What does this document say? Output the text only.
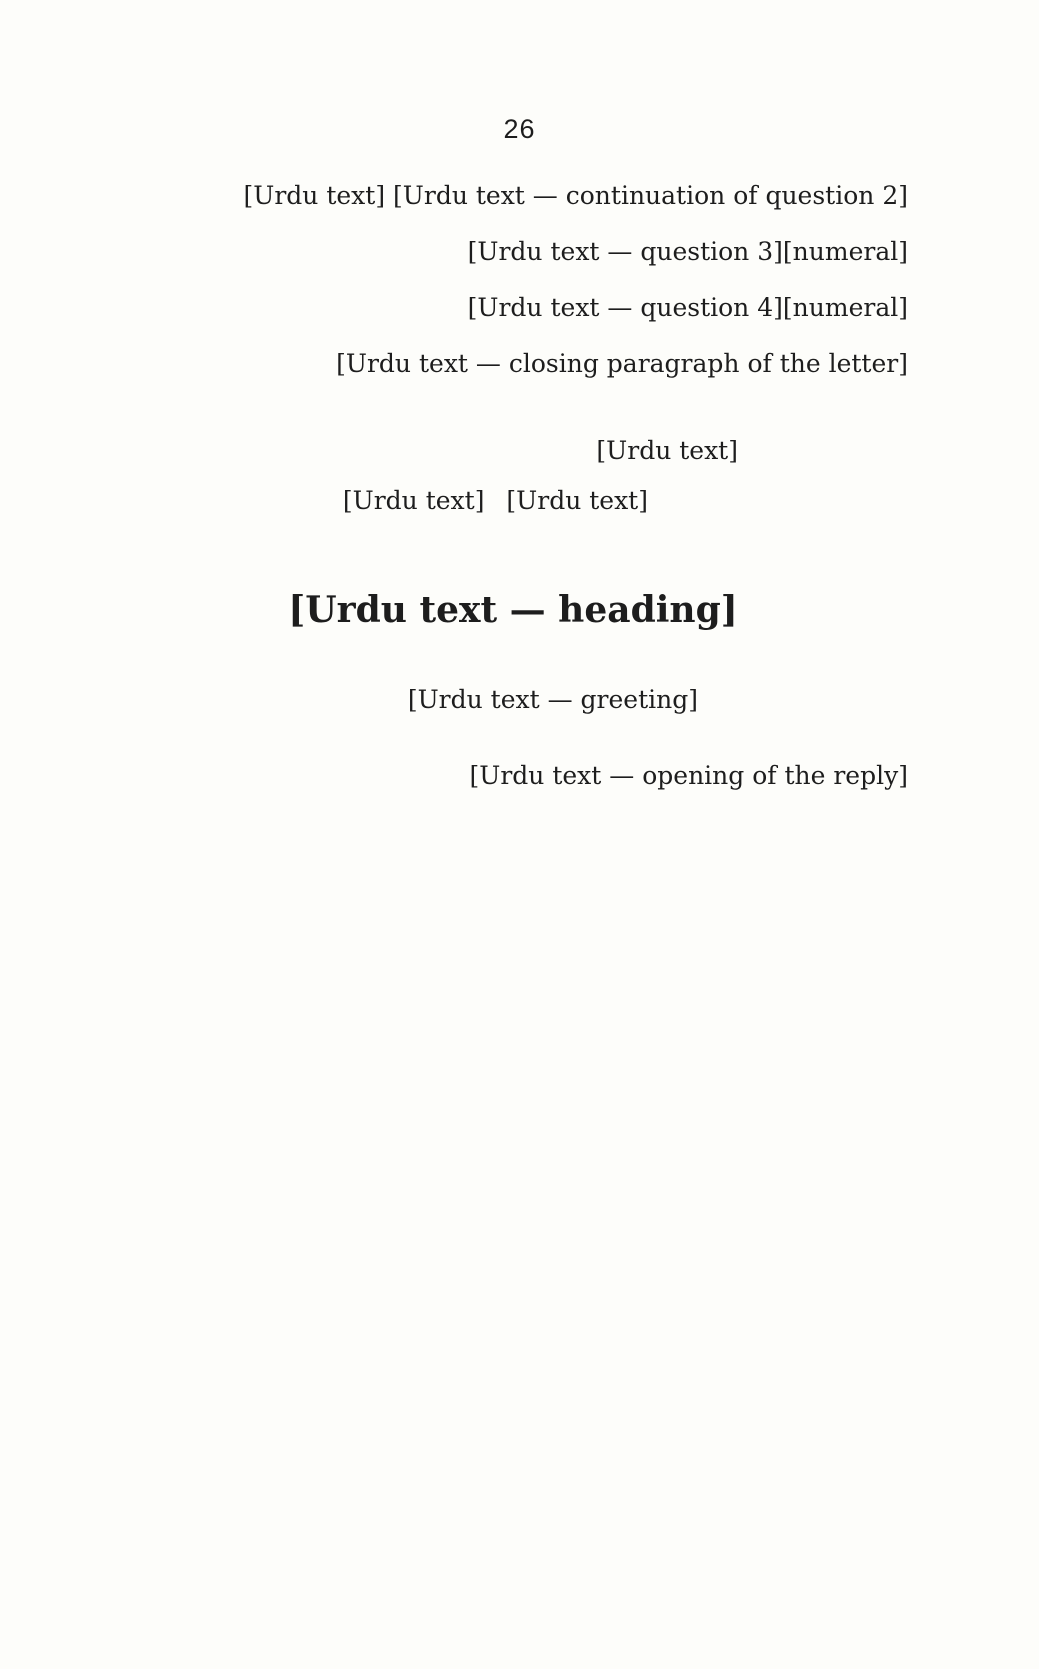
26

[Urdu text — continuation of question 2] [Urdu text]

[numeral]
[Urdu text — question 3]
[numeral]
[Urdu text — question 4]

[Urdu text — closing paragraph of the letter]

[Urdu text]
[Urdu text] [Urdu text]
[Urdu text — heading]
[Urdu text — greeting]

[Urdu text — opening of the reply]
